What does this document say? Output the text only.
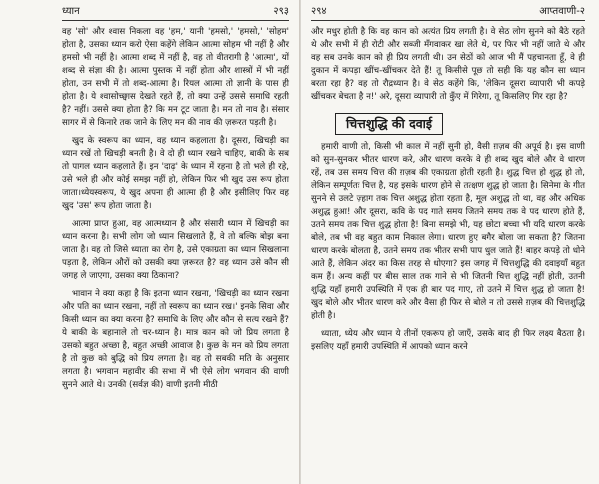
ध्यान	२९३

वह 'सो' और श्वास निकला वह 'हम,' यानी 'हमसो,' 'हमसो,' 'सोहम' होता है, उसका ध्यान करो ऐसा कहेंगे लेकिन आत्मा सोहम भी नहीं है और हमसो भी नहीं है। आत्मा शब्द में नहीं है, वह तो वीतरागी है 'आत्मा', यों शब्द से संज्ञा की है। आत्मा पुस्तक में नहीं होता और शास्त्रों में भी नहीं होता, उन सभी में तो शब्द-आत्मा है। रियल आत्मा तो ज्ञानी के पास ही होता है। ये श्वासोच्छ्वास देखते रहते हैं, तो क्या उन्हें उससे समाधि रहती है? नहीं। उससे क्या होता है? कि मन टूट जाता है। मन तो नाव है। संसार सागर में से किनारे तक जाने के लिए मन की नाव की ज़रूरत पड़ती है।

खुद के स्वरूप का ध्यान, वह ध्यान कहलाता है। दूसरा, खिचड़ी का ध्यान रखें तो खिचड़ी बनती है। वे दो ही ध्यान रखने चाहिए, बाकी के सब तो पागल ध्यान कहलाते हैं। इन 'दाढ़' के ध्यान में रहना है तो भले ही रहे, उसे भले ही और कोई समझ नहीं हो, लेकिन फिर भी खुद उस रूप होता जाता।ध्येयस्वरूप, ये खुद अपना ही आत्मा ही है और इसीलिए फिर वह खुद 'उस' रूप होता जाता है।

आत्मा प्राप्त हुआ, वह आत्मध्यान है और संसारी ध्यान में खिचड़ी का ध्यान करना है। सभी लोग जो ध्यान सिखलाते हैं, वे तो बल्कि बोझ बना जाता है। वह तो जिसे ध्याता का रोग है, उसे एकाग्रता का ध्यान सिखलाना पड़ता है, लेकिन औरों को उसकी क्या ज़रूरत है? वह ध्यान उसे कौन सी जगह ले जाएगा, उसका क्या ठिकाना?

भावान ने क्या कहा है कि इतना ध्यान रखना, 'खिचड़ी का ध्यान रखना और पति का ध्यान रखना, नहीं तो स्वरूप का ध्यान रख।' इनके सिवा और किसी ध्यान का क्या करना है? समाधि के लिए और कौन से सत्य रखने हैं? ये बाकी के बहानाले तो चर-ध्यान है। मात्र कान को जो प्रिय लगता है उसको बहुत अच्छा है, बहुत अच्छी आवाज है। कुछ के मन को प्रिय लगता है तो कुछ को बुद्धि को प्रिय लगता है। वह तो सबकी मति के अनुसार लगता है। भगवान महावीर की सभा में भी ऐसे लोग भगवान की वाणी सुनने आते थे। उनकी (सर्वज्ञ की) वाणी इतनी मीठी

२९४	आप्तवाणी-२

और मधुर होती है कि वह कान को अत्यंत प्रिय लगती है। वे सेठ लोग सुनने को बैठे रहते थे और सभी में ही रोटी और सब्जी मँगवाकर खा लेते थे, पर फिर भी नहीं जाते थे और वह सब उनके कान को ही प्रिय लगती थी। उन सेठों को आज भी मैं पहचानता हूँ, वे ही दुकान में कपड़ा खींच-खींचकर देते हैं! तू किसीसे पूछ तो सही कि यह कौन सा ध्यान बरता रहा है? वह तो रौद्रध्यान है। वे सेठ कहेंगे कि, 'लेकिन दूसरा व्यापारी भी कपड़े खींचकर बेचता है न!' अरे, दूसरा व्यापारी तो कुँए में गिरेगा, तू किसलिए गिर रहा है?

चित्तशुद्धि की दवाई

हमारी वाणी तो, किसी भी काल में नहीं सुनी हो, वैसी ग़ज़ब की अपूर्व है। इस वाणी को सुन-सुनकर भीतर धारण करे, और धारण करके वे ही शब्द खुद बोले और वे धारण रहें, तब उस समय चित्त की ग़ज़ब की एकाग्रता होती रहती है। शुद्ध चित्त हो शुद्ध हो तो, लेकिन सम्पूर्णतः चित्त है, यह इसके धारण होने से तत्क्षण शुद्ध हो जाता है। सिनेमा के गीत सुनने से उलटे ज़्हाग तक चित्त अशुद्ध होता रहता है, मूल अशुद्ध तो था, वह और अधिक अशुद्ध हुआ! और दूसरा, कवि के पद गाते समय जितने समय तक वे पद धारण होते हैं, उतने समय तक चित्त शुद्ध होता है! बिना समझे भी, यह छोटा बच्चा भी यदि धारण करके बोले, तब भी वह बहुत काम निकाल लेगा। धारण हुए बगैर बोला जा सकता है? जितना धारण करके बोलता है, उतने समय तक भीतर सभी पाप धुल जाते हैं! बाहर कपड़े तो धोने आते हैं, लेकिन अंदर का किस तरह से धोएगा? इस जगह में चित्तशुद्धि की दवाइयाँ बहुत कम हैं। अन्य कहीं पर बीस साल तक गाने से भी जितनी चित्त शुद्धि नहीं होती, उतनी शुद्धि यहाँ हमारी उपस्थिति में एक ही बार पद गाए, तो उतने में चित्त शुद्ध हो जाता है! खुद बोले और भीतर धारण करे और वैसा ही फिर से बोले न तो उससे ग़ज़ब की चित्तशुद्धि होती है।

ध्याता, ध्येय और ध्यान ये तीनों एकरूप हो जाएँ, उसके बाद ही फिर लक्ष्य बैठता है। इसलिए यहाँ हमारी उपस्थिति में आपको ध्यान करने
